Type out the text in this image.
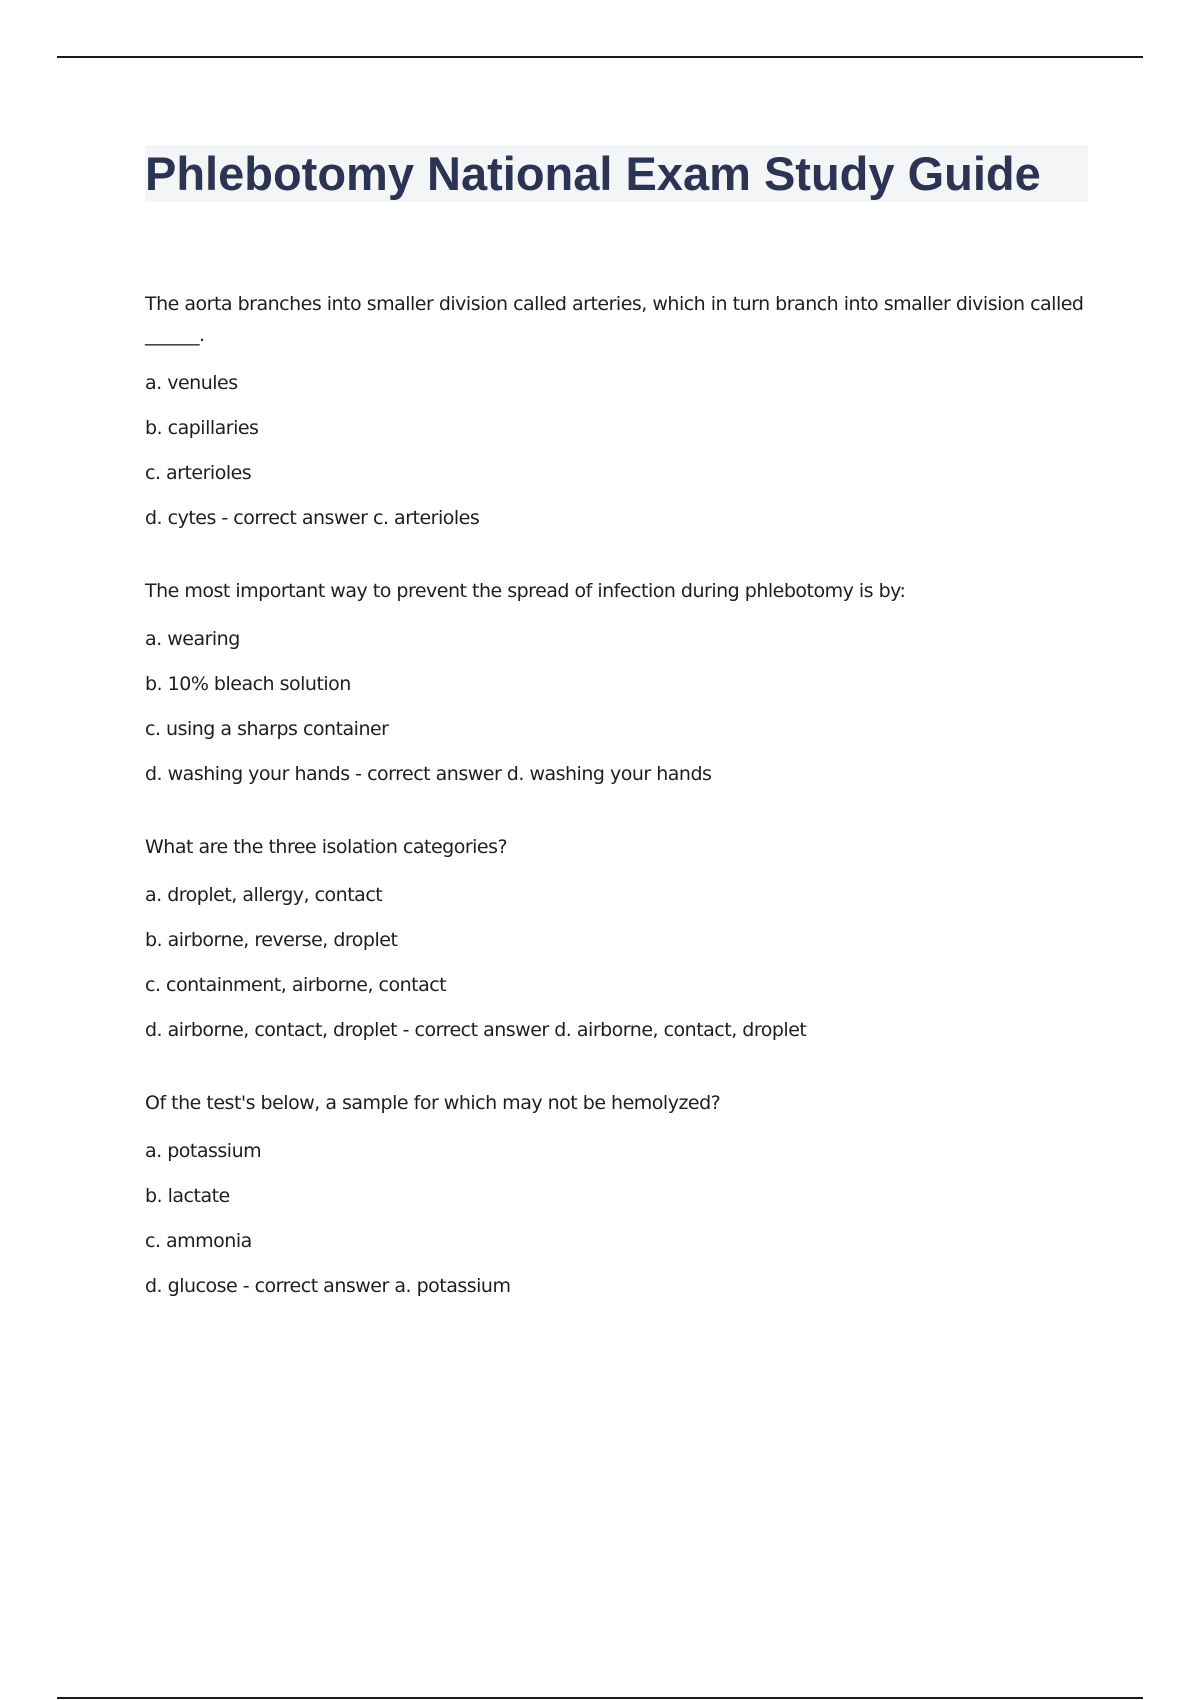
Phlebotomy National Exam Study Guide

The aorta branches into smaller division called arteries, which in turn branch into smaller division called ______.

a. venules

b. capillaries

c. arterioles

d. cytes - correct answer c. arterioles

The most important way to prevent the spread of infection during phlebotomy is by:

a. wearing

b. 10% bleach solution

c. using a sharps container

d. washing your hands - correct answer d. washing your hands

What are the three isolation categories?

a. droplet, allergy, contact

b. airborne, reverse, droplet

c. containment, airborne, contact

d. airborne, contact, droplet - correct answer d. airborne, contact, droplet

Of the test's below, a sample for which may not be hemolyzed?

a. potassium

b. lactate

c. ammonia

d. glucose - correct answer a. potassium
